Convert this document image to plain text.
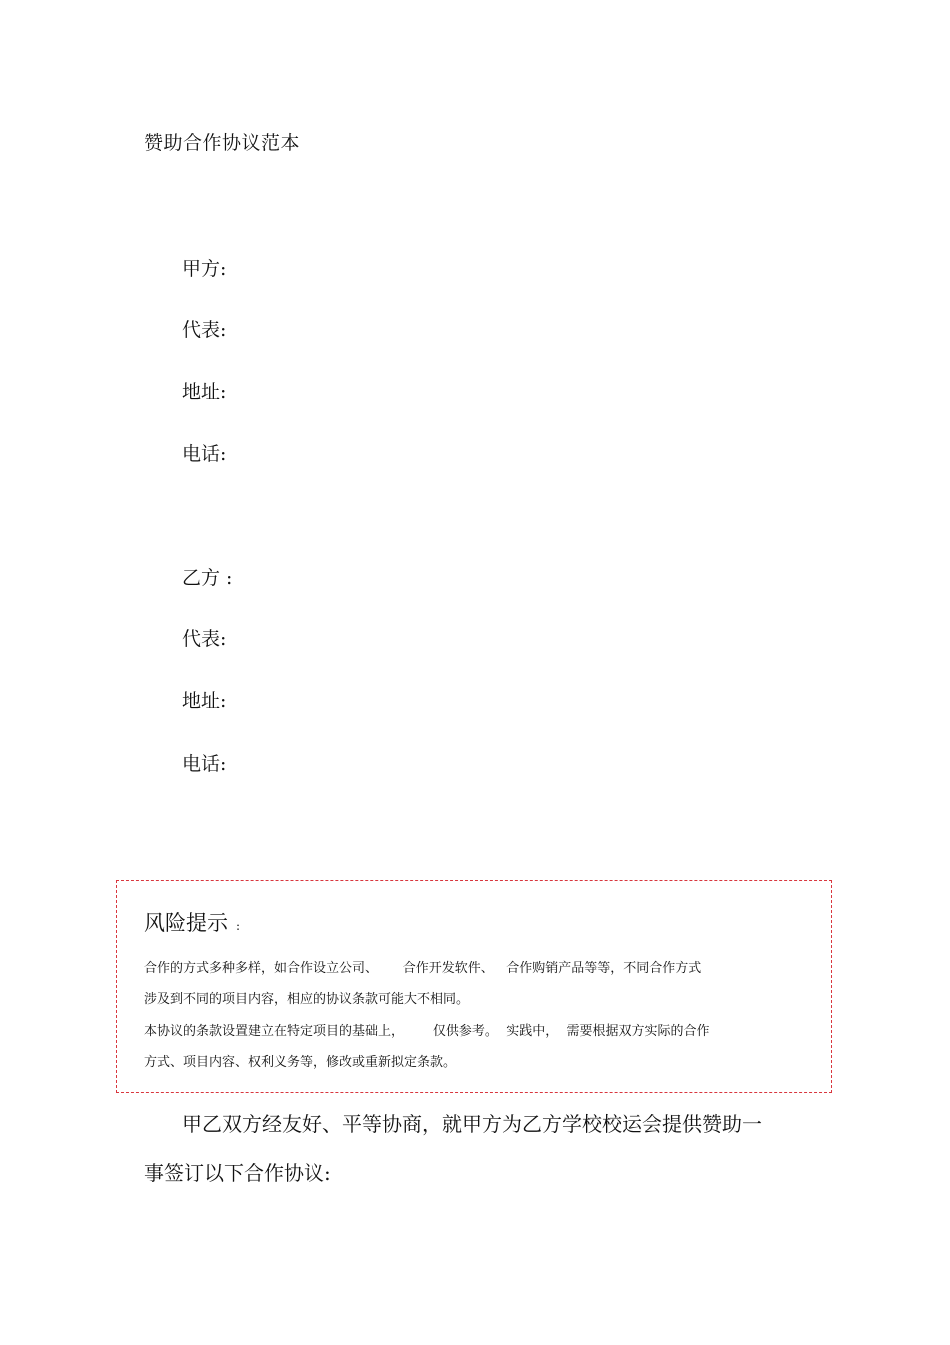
赞助合作协议范本
甲方:
代表:
地址:
电话:
乙方 :
代表:
地址:
电话:
风险提示 :
合作的方式多种多样，如合作设立公司、      合作开发软件、   合作购销产品等等，不同合作方式
涉及到不同的项目内容，相应的协议条款可能大不相同。
本协议的条款设置建立在特定项目的基础上，       仅供参考。  实践中，  需要根据双方实际的合作
方式、项目内容、权利义务等，修改或重新拟定条款。
甲乙双方经友好、平等协商，就甲方为乙方学校校运会提供赞助一
事签订以下合作协议:
